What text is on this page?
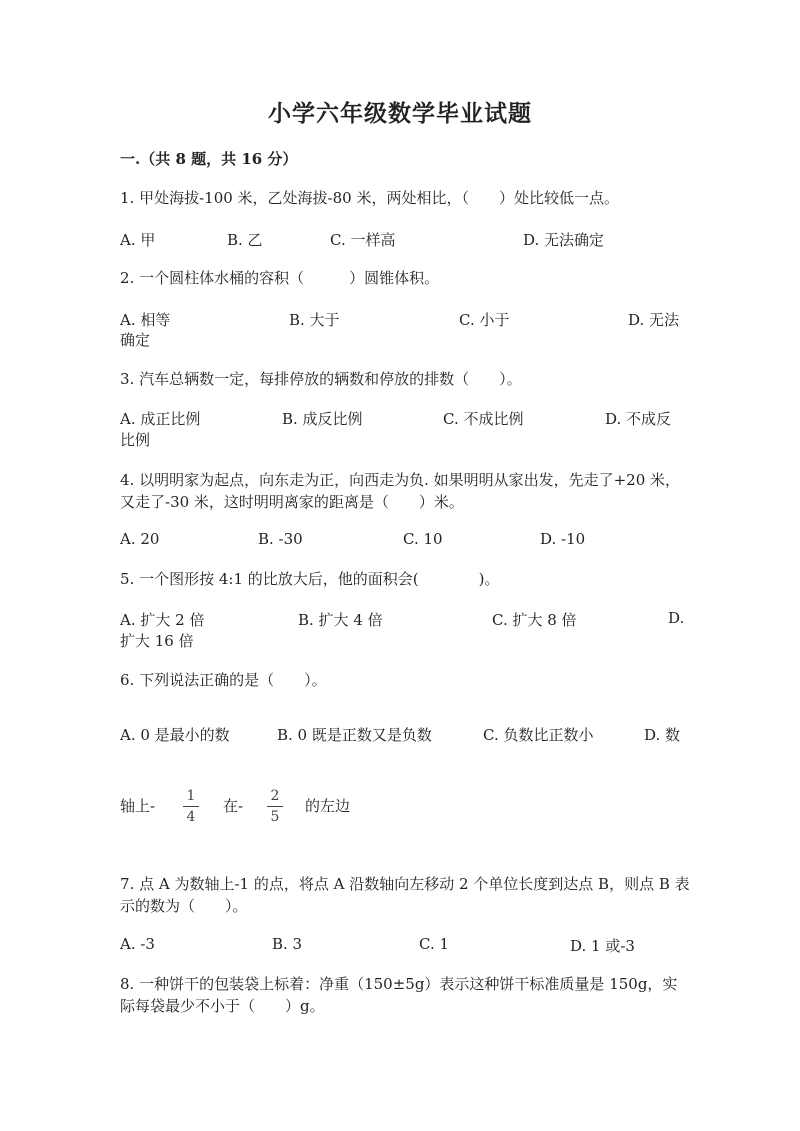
小学六年级数学毕业试题
一.（共 8 题，共 16 分）
1. 甲处海拔-100 米，乙处海拔-80 米，两处相比，（　　）处比较低一点。
A. 甲	B. 乙	C. 一样高	D. 无法确定
2. 一个圆柱体水桶的容积（　　　）圆锥体积。
A. 相等	B. 大于	C. 小于	D. 无法
确定
3. 汽车总辆数一定，每排停放的辆数和停放的排数（　　）。
A. 成正比例	B. 成反比例	C. 不成比例	D. 不成反
比例
4. 以明明家为起点，向东走为正，向西走为负. 如果明明从家出发，先走了+20 米，又走了-30 米，这时明明离家的距离是（　　）米。
A. 20	B. -30	C. 10	D. -10
5. 一个图形按 4:1 的比放大后，他的面积会(　　　　)。
A. 扩大 2 倍	B. 扩大 4 倍	C. 扩大 8 倍	D.
扩大 16 倍
6. 下列说法正确的是（　　）。
A. 0 是最小的数	B. 0 既是正数又是负数	C. 负数比正数小	D. 数
轴上-
1
4
在-
2
5
的左边
7. 点 A 为数轴上-1 的点，将点 A 沿数轴向左移动 2 个单位长度到达点 B，则点 B 表示的数为（　　）。
A. -3	B. 3	C. 1	D. 1 或-3
8. 一种饼干的包装袋上标着：净重（150±5g）表示这种饼干标准质量是 150g，实际每袋最少不小于（　　）g。
